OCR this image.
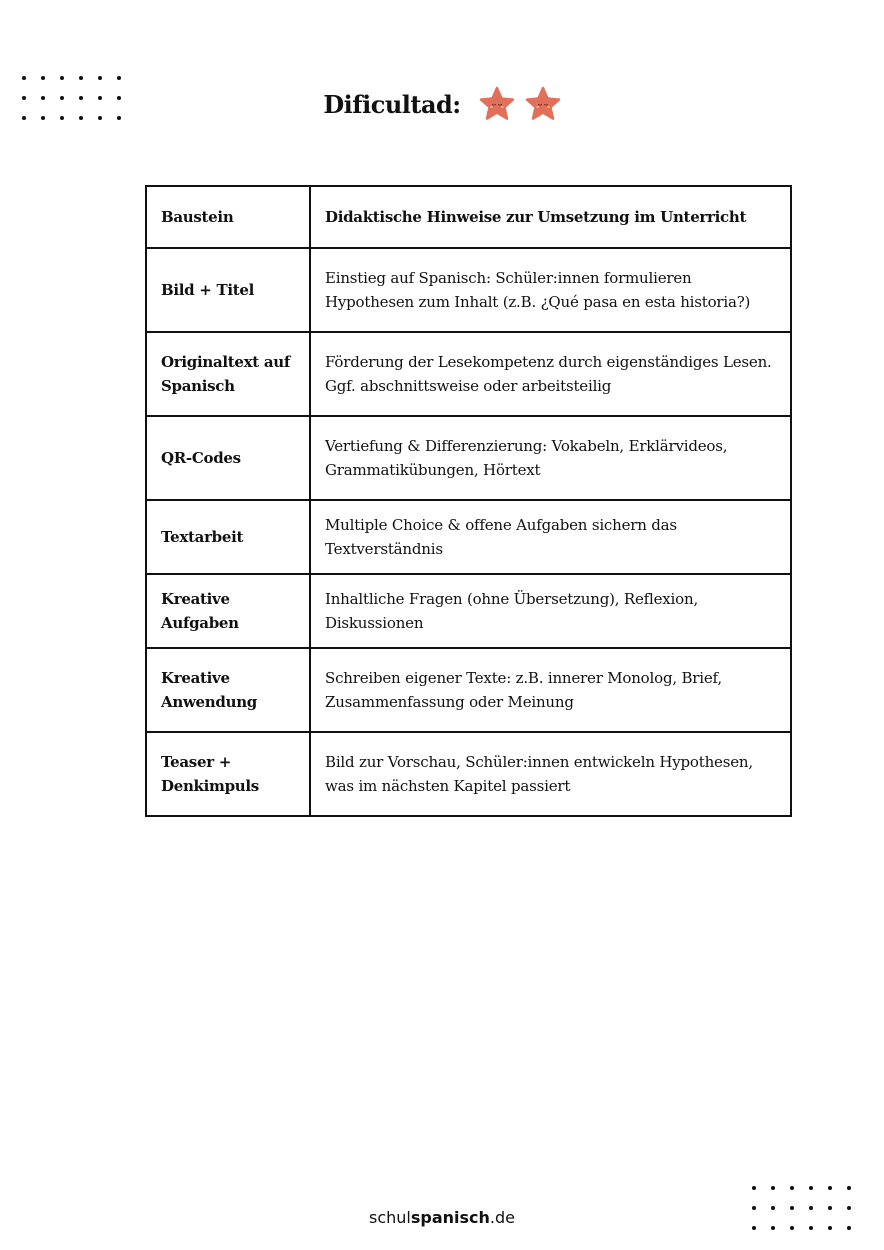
Dificultad:
Baustein	Didaktische Hinweise zur Umsetzung im Unterricht
Bild + Titel	Einstieg auf Spanisch: Schüler:innen formulieren Hypothesen zum Inhalt (z.B. ¿Qué pasa en esta historia?)
Originaltext auf Spanisch	Förderung der Lesekompetenz durch eigenständiges Lesen. Ggf. abschnittsweise oder arbeitsteilig
QR-Codes	Vertiefung & Differenzierung: Vokabeln, Erklärvideos, Grammatikübungen, Hörtext
Textarbeit	Multiple Choice & offene Aufgaben sichern das Textverständnis
Kreative Aufgaben	Inhaltliche Fragen (ohne Übersetzung), Reflexion, Diskussionen
Kreative Anwendung	Schreiben eigener Texte: z.B. innerer Monolog, Brief, Zusammenfassung oder Meinung
Teaser + Denkimpuls	Bild zur Vorschau, Schüler:innen entwickeln Hypothesen, was im nächsten Kapitel passiert
schulspanisch.de
